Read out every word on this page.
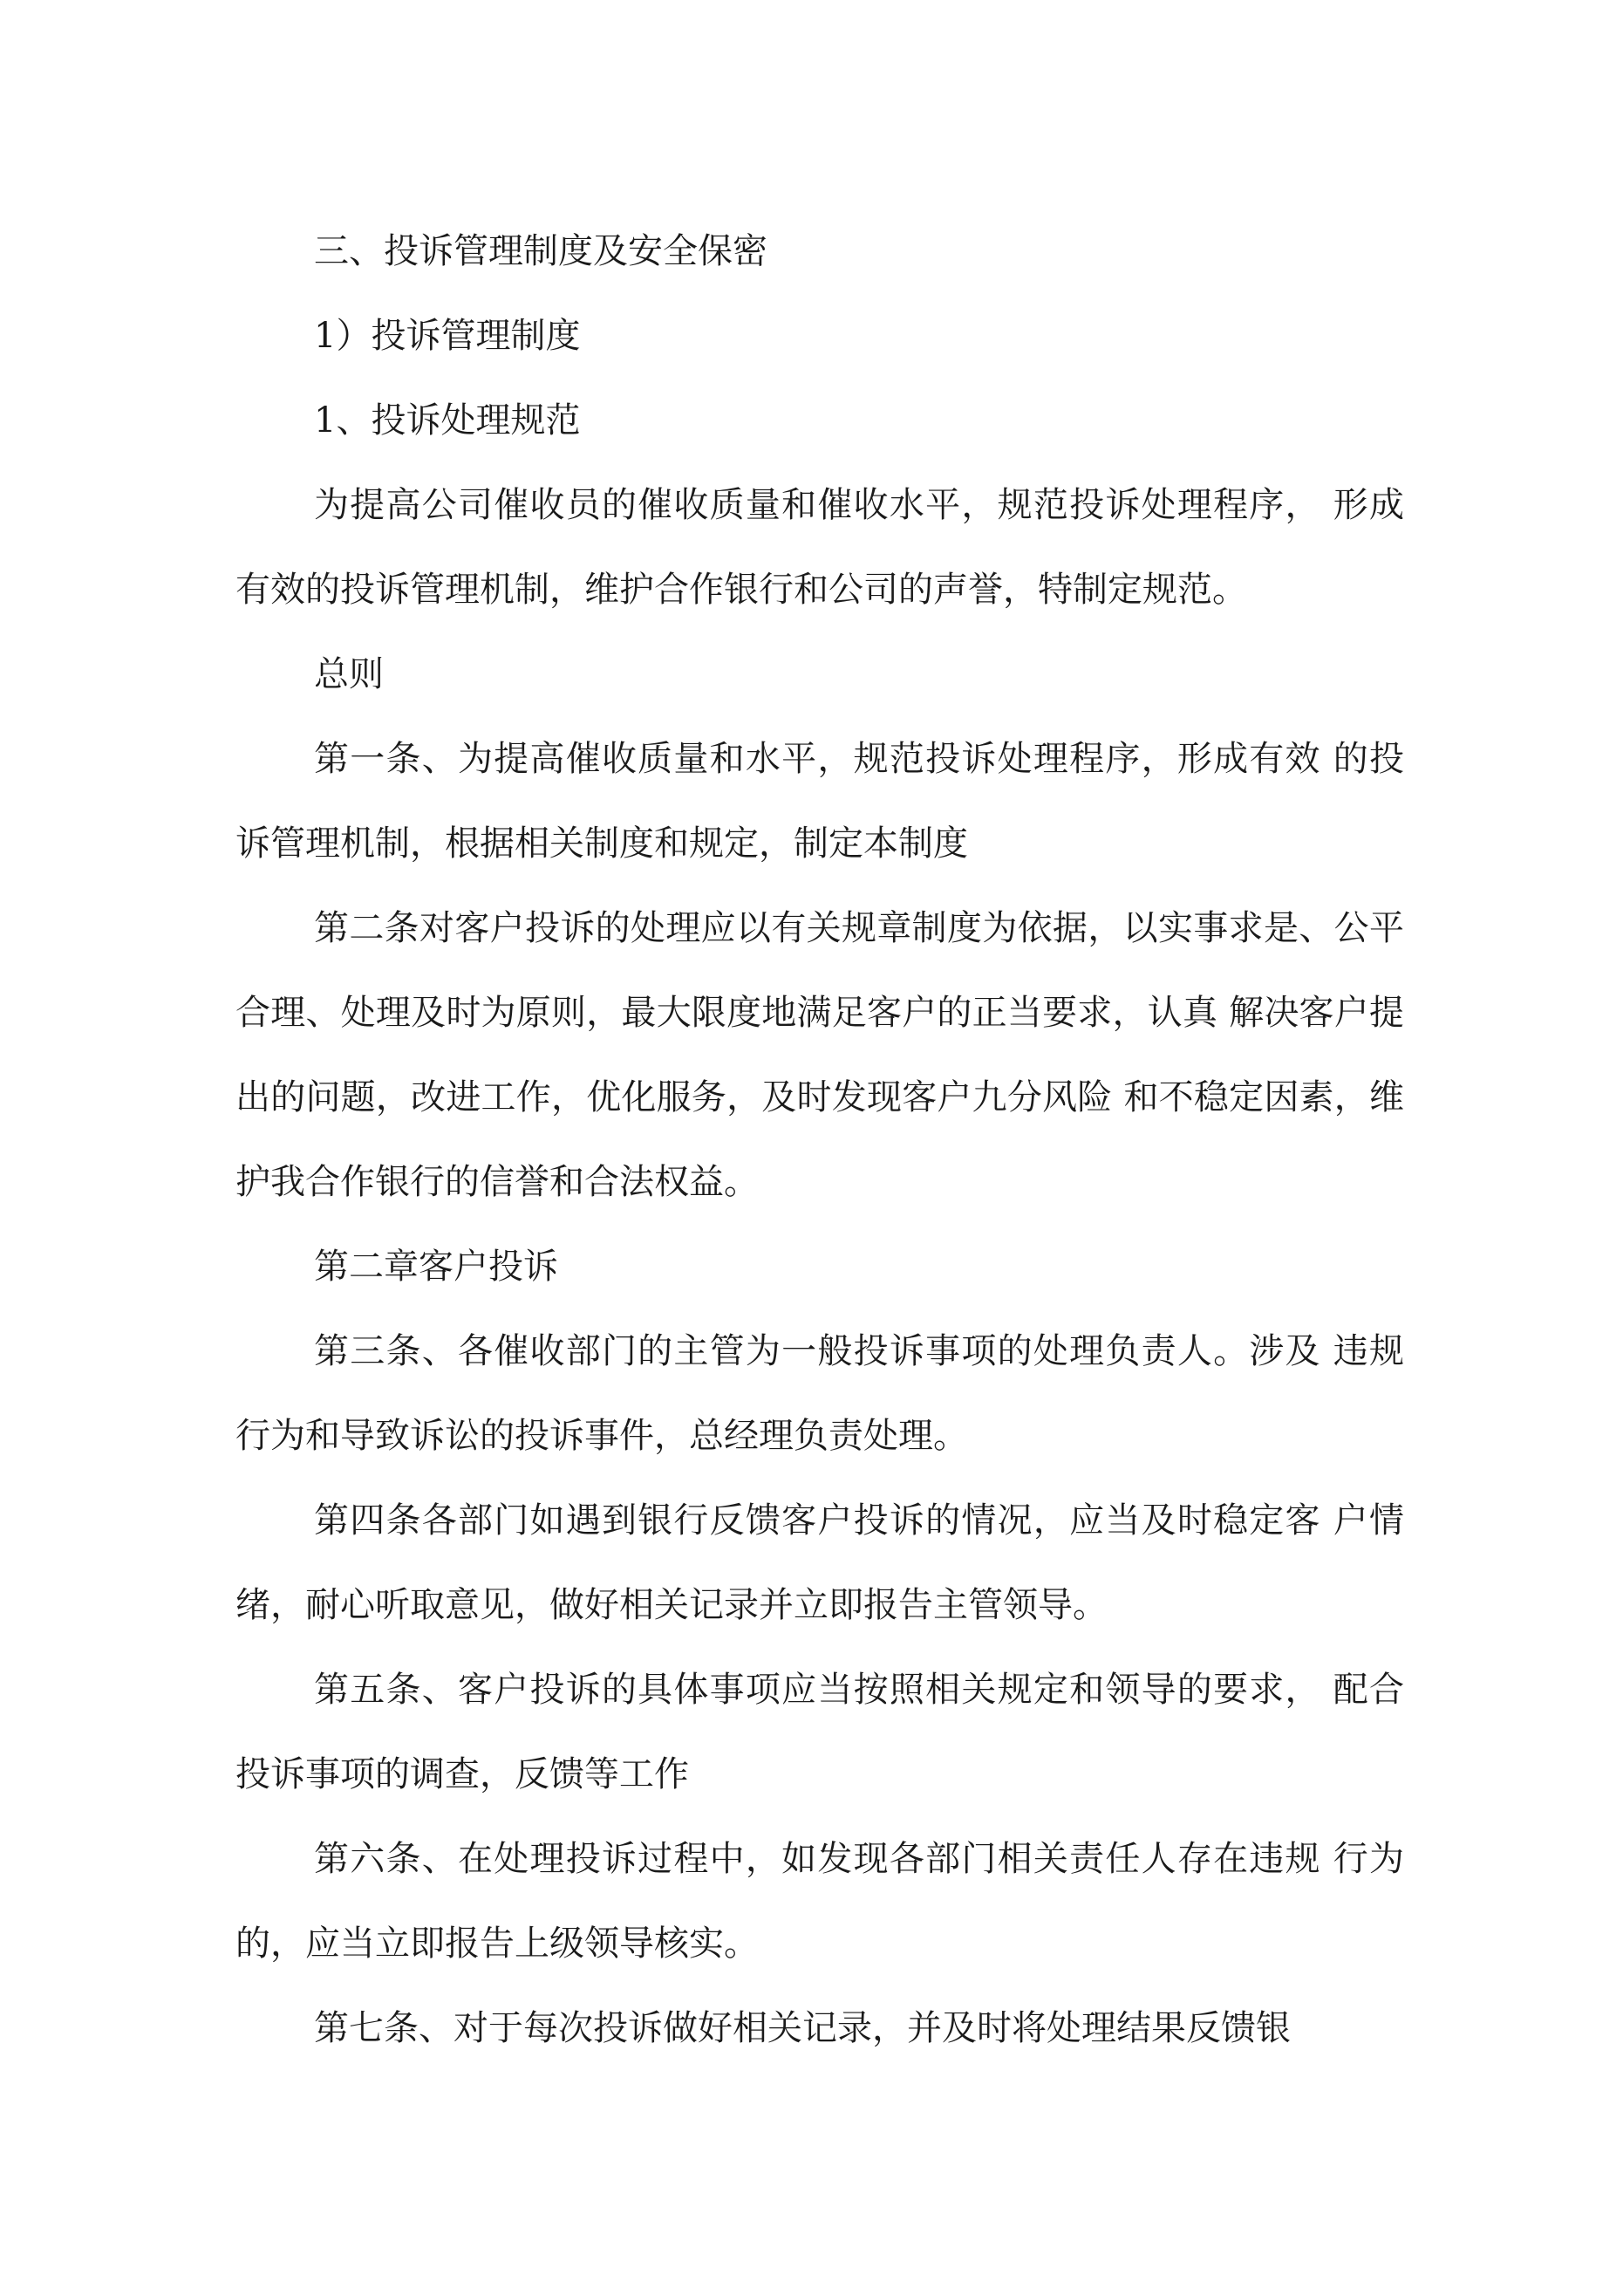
三、投诉管理制度及安全保密

1）投诉管理制度

1、投诉处理规范

为提高公司催收员的催收质量和催收水平，规范投诉处理程序， 形成有效的投诉管理机制，维护合作银行和公司的声誉，特制定规范。

总则

第一条、为提高催收质量和水平，规范投诉处理程序，形成有效 的投诉管理机制，根据相关制度和规定，制定本制度

第二条对客户投诉的处理应以有关规章制度为依据，以实事求是、公平合理、处理及时为原则，最大限度地满足客户的正当要求，认真 解决客户提出的问题，改进工作，优化服务，及时发现客户九分风险 和不稳定因素，维护我合作银行的信誉和合法权益。

第二章客户投诉

第三条、各催收部门的主管为一般投诉事项的处理负责人。涉及 违规行为和导致诉讼的投诉事件，总经理负责处理。

第四条各部门如遇到银行反馈客户投诉的情况，应当及时稳定客 户情绪，耐心听取意见，做好相关记录并立即报告主管领导。

第五条、客户投诉的具体事项应当按照相关规定和领导的要求， 配合投诉事项的调查，反馈等工作

第六条、在处理投诉过程中，如发现各部门相关责任人存在违规 行为的，应当立即报告上级领导核实。

第七条、对于每次投诉做好相关记录，并及时将处理结果反馈银
